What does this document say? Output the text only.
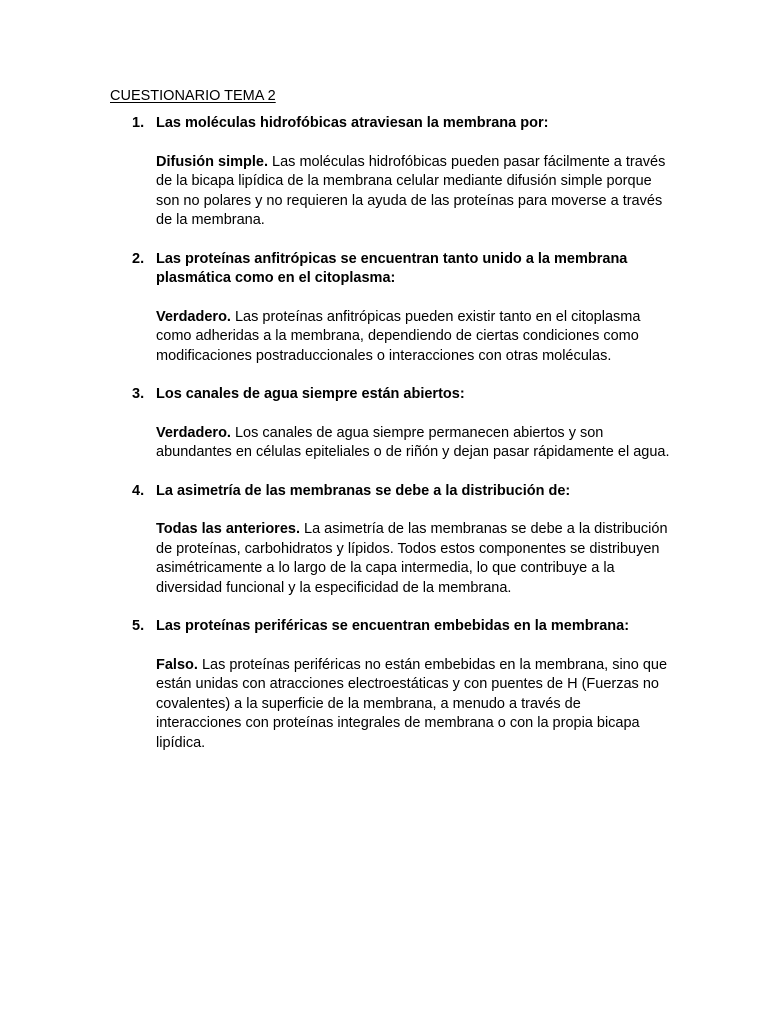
CUESTIONARIO TEMA 2
1. Las moléculas hidrofóbicas atraviesan la membrana por:

Difusión simple. Las moléculas hidrofóbicas pueden pasar fácilmente a través de la bicapa lipídica de la membrana celular mediante difusión simple porque son no polares y no requieren la ayuda de las proteínas para moverse a través de la membrana.

2. Las proteínas anfitrópicas se encuentran tanto unido a la membrana plasmática como en el citoplasma:

Verdadero. Las proteínas anfitrópicas pueden existir tanto en el citoplasma como adheridas a la membrana, dependiendo de ciertas condiciones como modificaciones postraduccionales o interacciones con otras moléculas.

3. Los canales de agua siempre están abiertos:

Verdadero. Los canales de agua siempre permanecen abiertos y son abundantes en células epiteliales o de riñón y dejan pasar rápidamente el agua.

4. La asimetría de las membranas se debe a la distribución de:

Todas las anteriores. La asimetría de las membranas se debe a la distribución de proteínas, carbohidratos y lípidos. Todos estos componentes se distribuyen asimétricamente a lo largo de la capa intermedia, lo que contribuye a la diversidad funcional y la especificidad de la membrana.

5. Las proteínas periféricas se encuentran embebidas en la membrana:

Falso. Las proteínas periféricas no están embebidas en la membrana, sino que están unidas con atracciones electroestáticas y con puentes de H (Fuerzas no covalentes) a la superficie de la membrana, a menudo a través de interacciones con proteínas integrales de membrana o con la propia bicapa lipídica.
